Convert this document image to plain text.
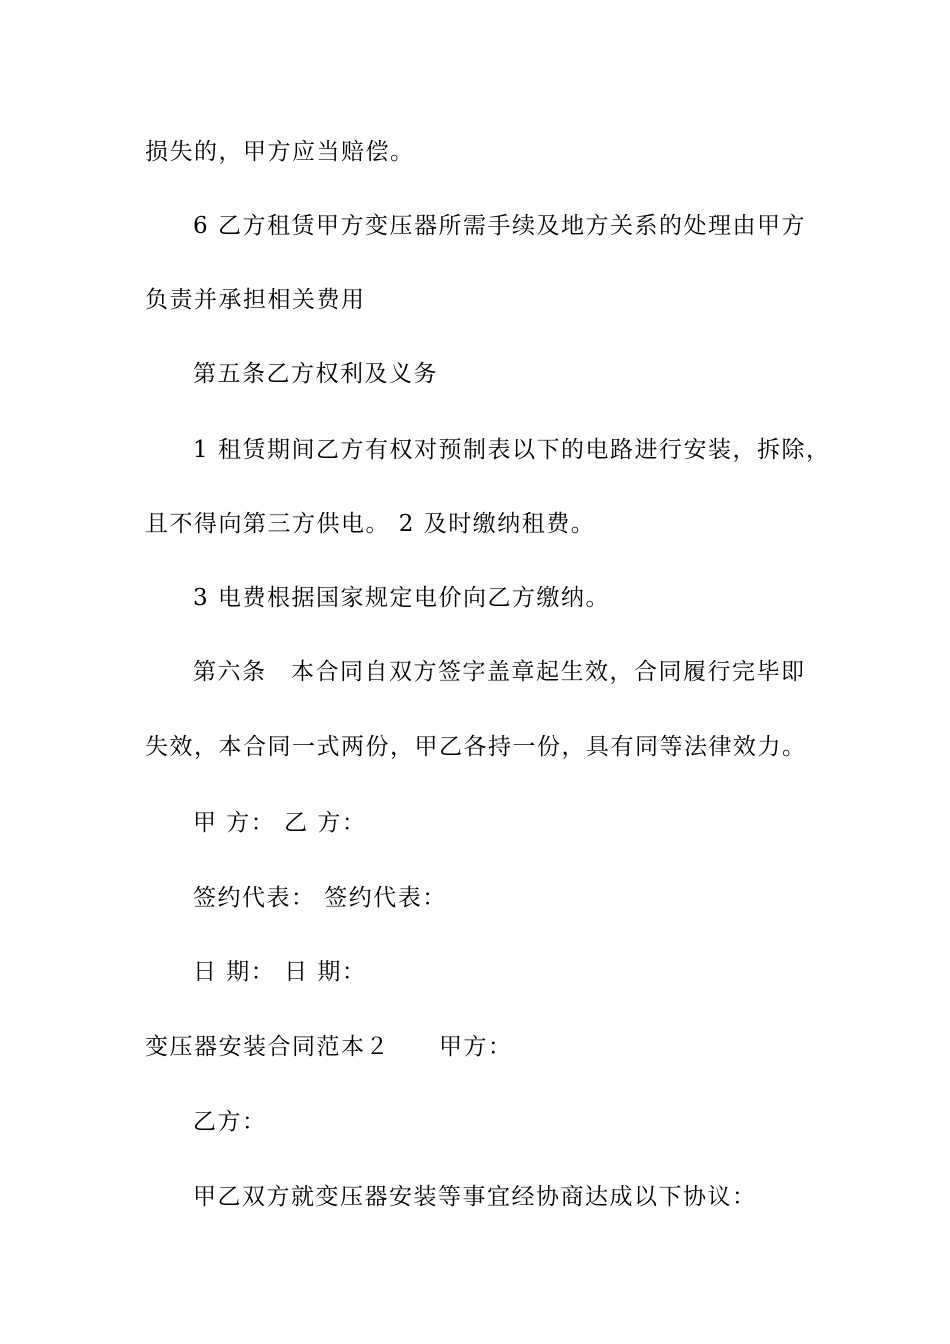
损失的，甲方应当赔偿。
6 乙方租赁甲方变压器所需手续及地方关系的处理由甲方
负责并承担相关费用
第五条乙方权利及义务
1 租赁期间乙方有权对预制表以下的电路进行安装，拆除，
且不得向第三方供电。 2 及时缴纳租费。
3 电费根据国家规定电价向乙方缴纳。
第六条　本合同自双方签字盖章起生效，合同履行完毕即
失效，本合同一式两份，甲乙各持一份，具有同等法律效力。
甲 方： 乙 方：
签约代表： 签约代表：
日 期： 日 期：
变压器安装合同范本２　　甲方：
乙方：
甲乙双方就变压器安装等事宜经协商达成以下协议：
